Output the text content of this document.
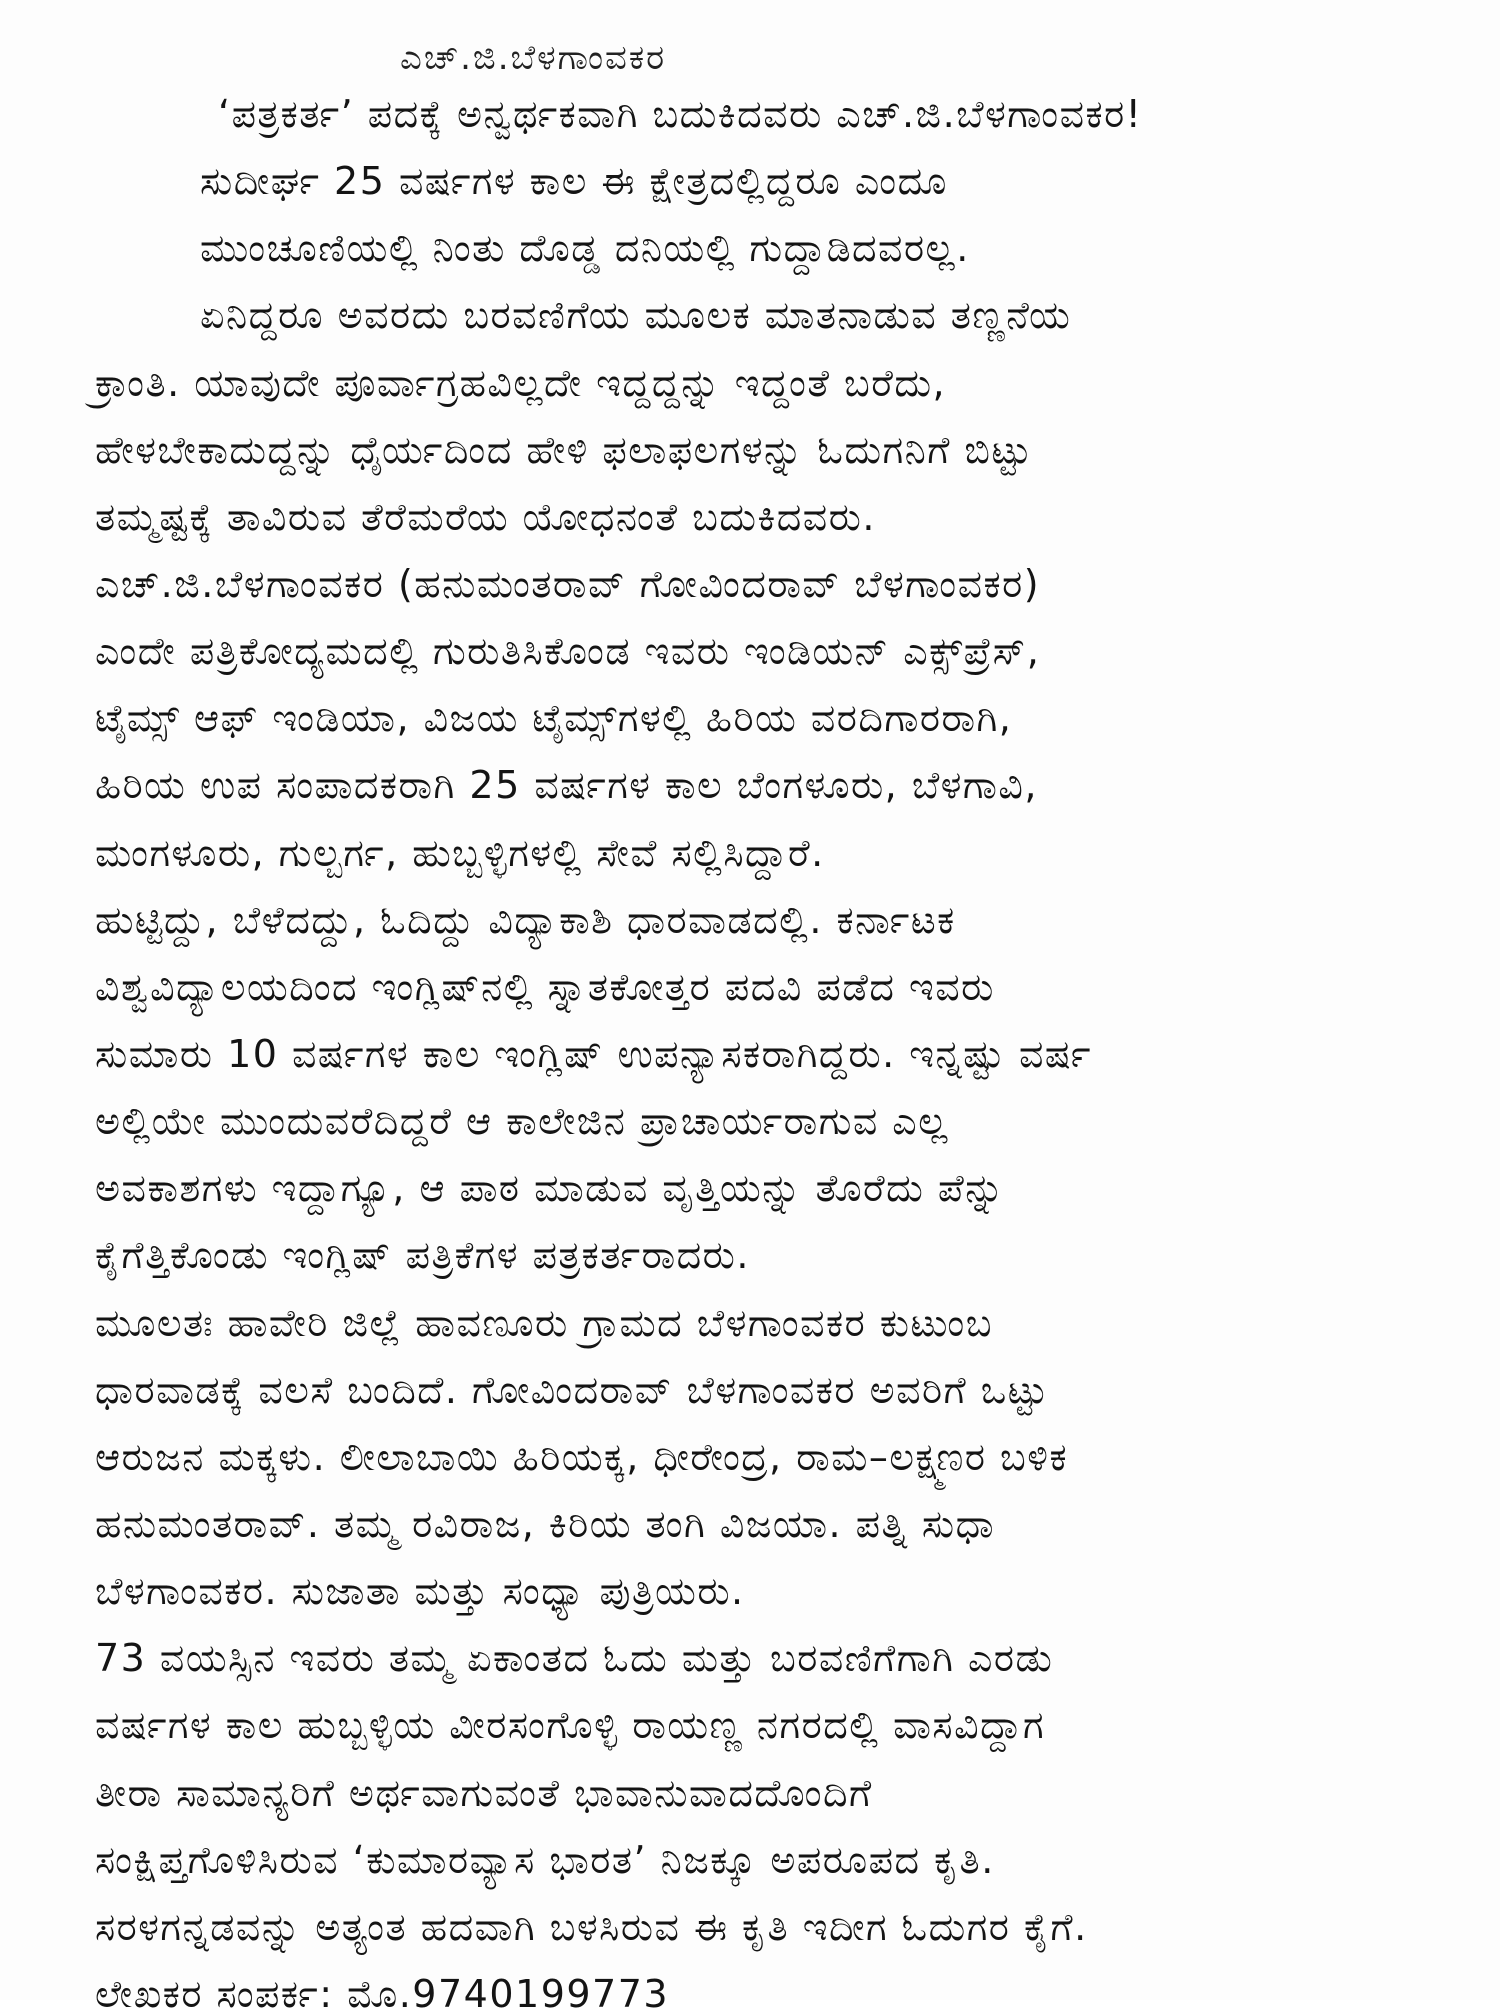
ಎಚ್.ಜಿ.ಬೆಳಗಾಂವಕರ
‘ಪತ್ರಕರ್ತ’ ಪದಕ್ಕೆ ಅನ್ವರ್ಥಕವಾಗಿ ಬದುಕಿದವರು ಎಚ್.ಜಿ.ಬೆಳಗಾಂವಕರ!
ಸುದೀರ್ಘ 25 ವರ್ಷಗಳ ಕಾಲ ಈ ಕ್ಷೇತ್ರದಲ್ಲಿದ್ದರೂ ಎಂದೂ
ಮುಂಚೂಣಿಯಲ್ಲಿ ನಿಂತು ದೊಡ್ಡ ದನಿಯಲ್ಲಿ ಗುದ್ದಾಡಿದವರಲ್ಲ.
ಏನಿದ್ದರೂ ಅವರದು ಬರವಣಿಗೆಯ ಮೂಲಕ ಮಾತನಾಡುವ ತಣ್ಣನೆಯ
ಕ್ರಾಂತಿ. ಯಾವುದೇ ಪೂರ್ವಾಗ್ರಹವಿಲ್ಲದೇ ಇದ್ದದ್ದನ್ನು ಇದ್ದಂತೆ ಬರೆದು,
ಹೇಳಬೇಕಾದುದ್ದನ್ನು ಧೈರ್ಯದಿಂದ ಹೇಳಿ ಫಲಾಫಲಗಳನ್ನು ಓದುಗನಿಗೆ ಬಿಟ್ಟು
ತಮ್ಮಷ್ಟಕ್ಕೆ ತಾವಿರುವ ತೆರೆಮರೆಯ ಯೋಧನಂತೆ ಬದುಕಿದವರು.
ಎಚ್.ಜಿ.ಬೆಳಗಾಂವಕರ (ಹನುಮಂತರಾವ್ ಗೋವಿಂದರಾವ್ ಬೆಳಗಾಂವಕರ)
ಎಂದೇ ಪತ್ರಿಕೋದ್ಯಮದಲ್ಲಿ ಗುರುತಿಸಿಕೊಂಡ ಇವರು ಇಂಡಿಯನ್ ಎಕ್ಸ್‌ಪ್ರೆಸ್,
ಟೈಮ್ಸ್ ಆಫ್ ಇಂಡಿಯಾ, ವಿಜಯ ಟೈಮ್ಸ್‌ಗಳಲ್ಲಿ ಹಿರಿಯ ವರದಿಗಾರರಾಗಿ,
ಹಿರಿಯ ಉಪ ಸಂಪಾದಕರಾಗಿ 25 ವರ್ಷಗಳ ಕಾಲ ಬೆಂಗಳೂರು, ಬೆಳಗಾವಿ,
ಮಂಗಳೂರು, ಗುಲ್ಬರ್ಗ, ಹುಬ್ಬಳ್ಳಿಗಳಲ್ಲಿ ಸೇವೆ ಸಲ್ಲಿಸಿದ್ದಾರೆ.
ಹುಟ್ಟಿದ್ದು, ಬೆಳೆದದ್ದು, ಓದಿದ್ದು ವಿದ್ಯಾಕಾಶಿ ಧಾರವಾಡದಲ್ಲಿ. ಕರ್ನಾಟಕ
ವಿಶ್ವವಿದ್ಯಾಲಯದಿಂದ ಇಂಗ್ಲಿಷ್‌ನಲ್ಲಿ ಸ್ನಾತಕೋತ್ತರ ಪದವಿ ಪಡೆದ ಇವರು
ಸುಮಾರು 10 ವರ್ಷಗಳ ಕಾಲ ಇಂಗ್ಲಿಷ್ ಉಪನ್ಯಾಸಕರಾಗಿದ್ದರು. ಇನ್ನಷ್ಟು ವರ್ಷ
ಅಲ್ಲಿಯೇ ಮುಂದುವರೆದಿದ್ದರೆ ಆ ಕಾಲೇಜಿನ ಪ್ರಾಚಾರ್ಯರಾಗುವ ಎಲ್ಲ
ಅವಕಾಶಗಳು ಇದ್ದಾಗ್ಯೂ, ಆ ಪಾಠ ಮಾಡುವ ವೃತ್ತಿಯನ್ನು ತೊರೆದು ಪೆನ್ನು
ಕೈಗೆತ್ತಿಕೊಂಡು ಇಂಗ್ಲಿಷ್ ಪತ್ರಿಕೆಗಳ ಪತ್ರಕರ್ತರಾದರು.
ಮೂಲತಃ ಹಾವೇರಿ ಜಿಲ್ಲೆ ಹಾವಣೂರು ಗ್ರಾಮದ ಬೆಳಗಾಂವಕರ ಕುಟುಂಬ
ಧಾರವಾಡಕ್ಕೆ ವಲಸೆ ಬಂದಿದೆ. ಗೋವಿಂದರಾವ್ ಬೆಳಗಾಂವಕರ ಅವರಿಗೆ ಒಟ್ಟು
ಆರುಜನ ಮಕ್ಕಳು. ಲೀಲಾಬಾಯಿ ಹಿರಿಯಕ್ಕ, ಧೀರೇಂದ್ರ, ರಾಮ–ಲಕ್ಷ್ಮಣರ ಬಳಿಕ
ಹನುಮಂತರಾವ್. ತಮ್ಮ ರವಿರಾಜ, ಕಿರಿಯ ತಂಗಿ ವಿಜಯಾ. ಪತ್ನಿ ಸುಧಾ
ಬೆಳಗಾಂವಕರ. ಸುಜಾತಾ ಮತ್ತು ಸಂಧ್ಯಾ ಪುತ್ರಿಯರು.
73 ವಯಸ್ಸಿನ ಇವರು ತಮ್ಮ ಏಕಾಂತದ ಓದು ಮತ್ತು ಬರವಣಿಗೆಗಾಗಿ ಎರಡು
ವರ್ಷಗಳ ಕಾಲ ಹುಬ್ಬಳ್ಳಿಯ ವೀರಸಂಗೊಳ್ಳಿ ರಾಯಣ್ಣ ನಗರದಲ್ಲಿ ವಾಸವಿದ್ದಾಗ
ತೀರಾ ಸಾಮಾನ್ಯರಿಗೆ ಅರ್ಥವಾಗುವಂತೆ ಭಾವಾನುವಾದದೊಂದಿಗೆ
ಸಂಕ್ಷಿಪ್ತಗೊಳಿಸಿರುವ ‘ಕುಮಾರವ್ಯಾಸ ಭಾರತ’ ನಿಜಕ್ಕೂ ಅಪರೂಪದ ಕೃತಿ.
ಸರಳಗನ್ನಡವನ್ನು ಅತ್ಯಂತ ಹದವಾಗಿ ಬಳಸಿರುವ ಈ ಕೃತಿ ಇದೀಗ ಓದುಗರ ಕೈಗೆ.
ಲೇಖಕರ ಸಂಪರ್ಕ: ಮೊ.9740199773
